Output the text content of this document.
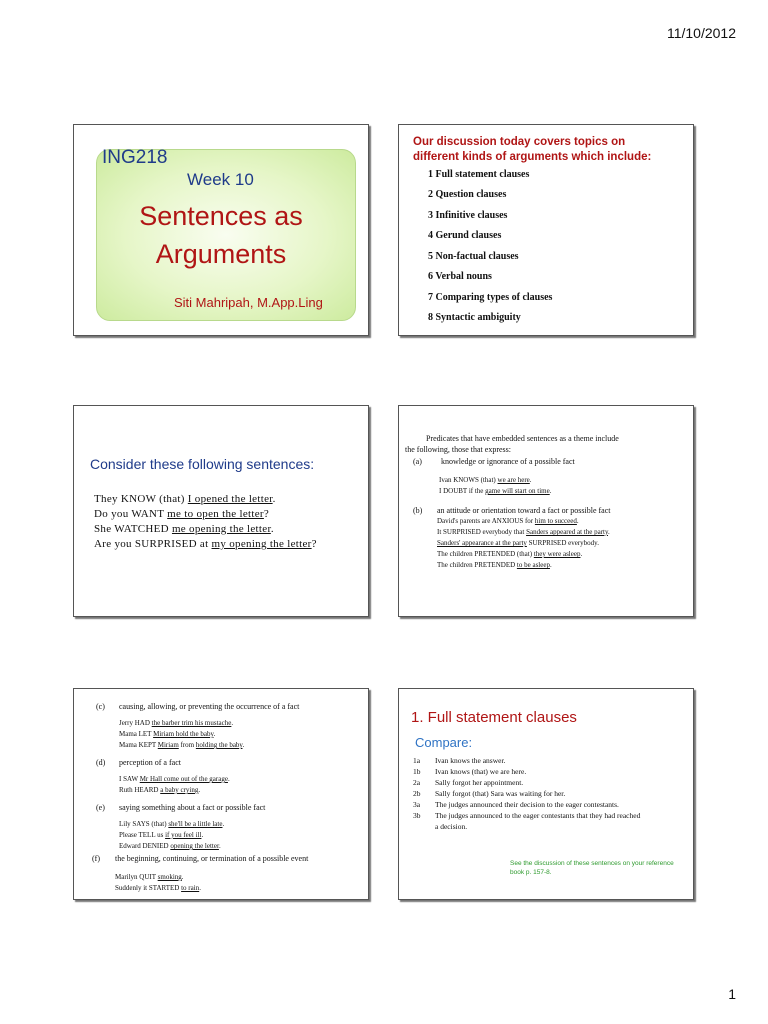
11/10/2012
ING218
Week 10
Sentences as
Arguments
Siti Mahripah, M.App.Ling
Our discussion today covers topics on
different kinds of arguments which include:
1 Full statement clauses
2 Question clauses
3 Infinitive clauses
4 Gerund clauses
5 Non-factual clauses
6 Verbal nouns
7 Comparing types of clauses
8 Syntactic ambiguity
Consider these following sentences:
They KNOW (that) I opened the letter.
Do you WANT me to open the letter?
She WATCHED me opening the letter.
Are you SURPRISED at my opening the letter?
Predicates that have embedded sentences as a theme include
the following, those that express:
(a) knowledge or ignorance of a possible fact
Ivan KNOWS (that) we are here.
I DOUBT if the game will start on time.
(b) an attitude or orientation toward a fact or possible fact
David's parents are ANXIOUS for him to succeed.
It SURPRISED everybody that Sanders appeared at the party.
Sanders' appearance at the party SURPRISED everybody.
The children PRETENDED (that) they were asleep.
The children PRETENDED to be asleep.
(c) causing, allowing, or preventing the occurrence of a fact
Jerry HAD the barber trim his mustache.
Mama LET Miriam hold the baby.
Mama KEPT Miriam from holding the baby.
(d) perception of a fact
I SAW Mr Hall come out of the garage.
Ruth HEARD a baby crying.
(e) saying something about a fact or possible fact
Lily SAYS (that) she'll be a little late.
Please TELL us if you feel ill.
Edward DENIED opening the letter.
(f) the beginning, continuing, or termination of a possible event
Marilyn QUIT smoking.
Suddenly it STARTED to rain.
1. Full statement clauses
Compare:
1a Ivan knows the answer.
1b Ivan knows (that) we are here.
2a Sally forgot her appointment.
2b Sally forgot (that) Sara was waiting for her.
3a The judges announced their decision to the eager contestants.
3b The judges announced to the eager contestants that they had reached
a decision.
See the discussion of these sentences on your reference
book p. 157-8.
1
